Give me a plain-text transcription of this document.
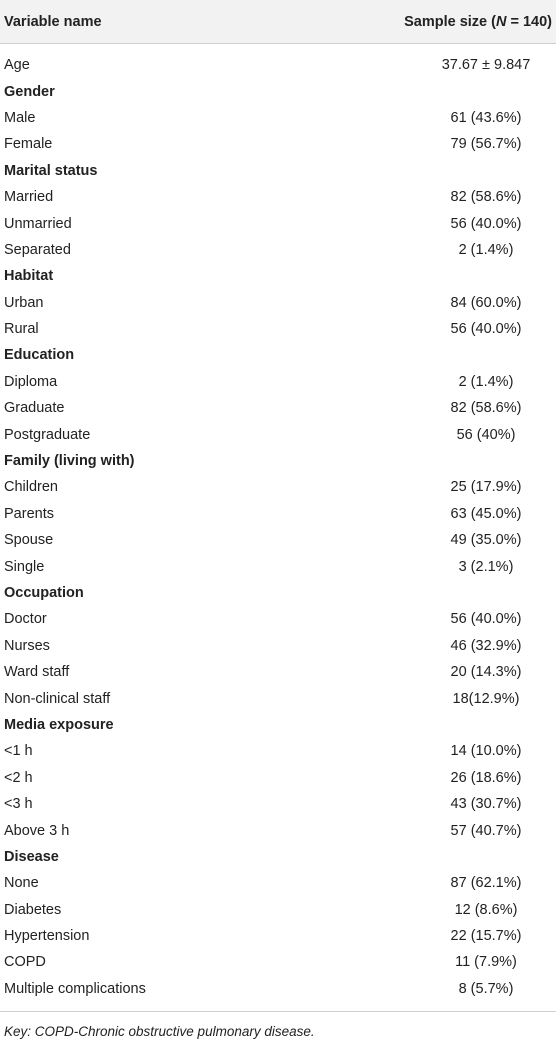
Variable name	Sample size (N = 140)
Age	37.67 ± 9.847
Gender
Male	61 (43.6%)
Female	79 (56.7%)
Marital status
Married	82 (58.6%)
Unmarried	56 (40.0%)
Separated	2 (1.4%)
Habitat
Urban	84 (60.0%)
Rural	56 (40.0%)
Education
Diploma	2 (1.4%)
Graduate	82 (58.6%)
Postgraduate	56 (40%)
Family (living with)
Children	25 (17.9%)
Parents	63 (45.0%)
Spouse	49 (35.0%)
Single	3 (2.1%)
Occupation
Doctor	56 (40.0%)
Nurses	46 (32.9%)
Ward staff	20 (14.3%)
Non-clinical staff	18(12.9%)
Media exposure
<1 h	14 (10.0%)
<2 h	26 (18.6%)
<3 h	43 (30.7%)
Above 3 h	57 (40.7%)
Disease
None	87 (62.1%)
Diabetes	12 (8.6%)
Hypertension	22 (15.7%)
COPD	11 (7.9%)
Multiple complications	8 (5.7%)
Key: COPD-Chronic obstructive pulmonary disease.
